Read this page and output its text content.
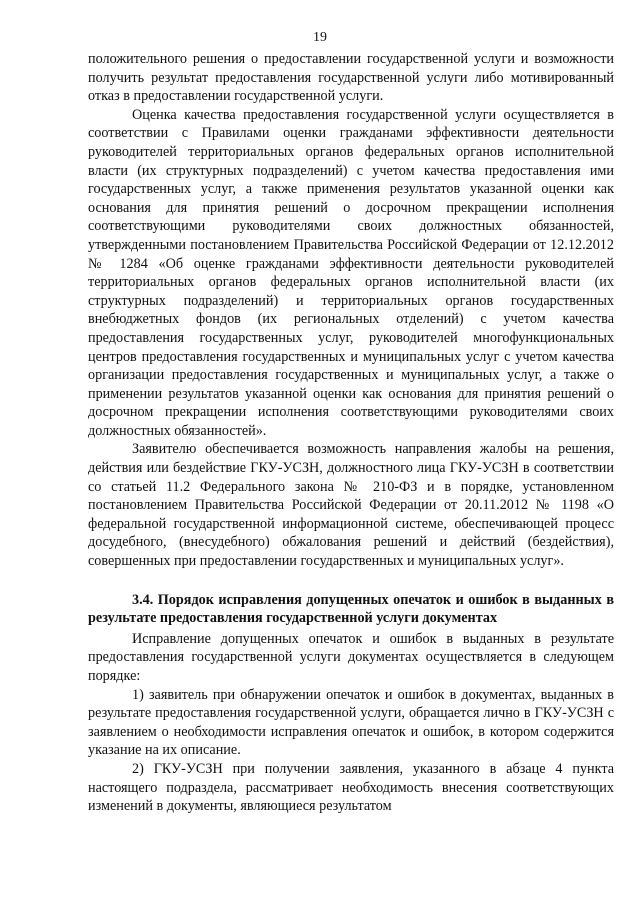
19

положительного решения о предоставлении государственной услуги и возможности получить результат предоставления государственной услуги либо мотивированный отказ в предоставлении государственной услуги.

Оценка качества предоставления государственной услуги осуществляется в соответствии с Правилами оценки гражданами эффективности деятельности руководителей территориальных органов федеральных органов исполнительной власти (их структурных подразделений) с учетом качества предоставления ими государственных услуг, а также применения результатов указанной оценки как основания для принятия решений о досрочном прекращении исполнения соответствующими руководителями своих должностных обязанностей, утвержденными постановлением Правительства Российской Федерации от 12.12.2012 № 1284 «Об оценке гражданами эффективности деятельности руководителей территориальных органов федеральных органов исполнительной власти (их структурных подразделений) и территориальных органов государственных внебюджетных фондов (их региональных отделений) с учетом качества предоставления государственных услуг, руководителей многофункциональных центров предоставления государственных и муниципальных услуг с учетом качества организации предоставления государственных и муниципальных услуг, а также о применении результатов указанной оценки как основания для принятия решений о досрочном прекращении исполнения соответствующими руководителями своих должностных обязанностей».

Заявителю обеспечивается возможность направления жалобы на решения, действия или бездействие ГКУ-УСЗН, должностного лица ГКУ-УСЗН в соответствии со статьей 11.2 Федерального закона № 210-ФЗ и в порядке, установленном постановлением Правительства Российской Федерации от 20.11.2012 № 1198 «О федеральной государственной информационной системе, обеспечивающей процесс досудебного, (внесудебного) обжалования решений и действий (бездействия), совершенных при предоставлении государственных и муниципальных услуг».

3.4. Порядок исправления допущенных опечаток и ошибок в выданных в результате предоставления государственной услуги документах

Исправление допущенных опечаток и ошибок в выданных в результате предоставления государственной услуги документах осуществляется в следующем порядке:

1) заявитель при обнаружении опечаток и ошибок в документах, выданных в результате предоставления государственной услуги, обращается лично в ГКУ-УСЗН с заявлением о необходимости исправления опечаток и ошибок, в котором содержится указание на их описание.

2) ГКУ-УСЗН при получении заявления, указанного в абзаце 4 пункта настоящего подраздела, рассматривает необходимость внесения соответствующих изменений в документы, являющиеся результатом
